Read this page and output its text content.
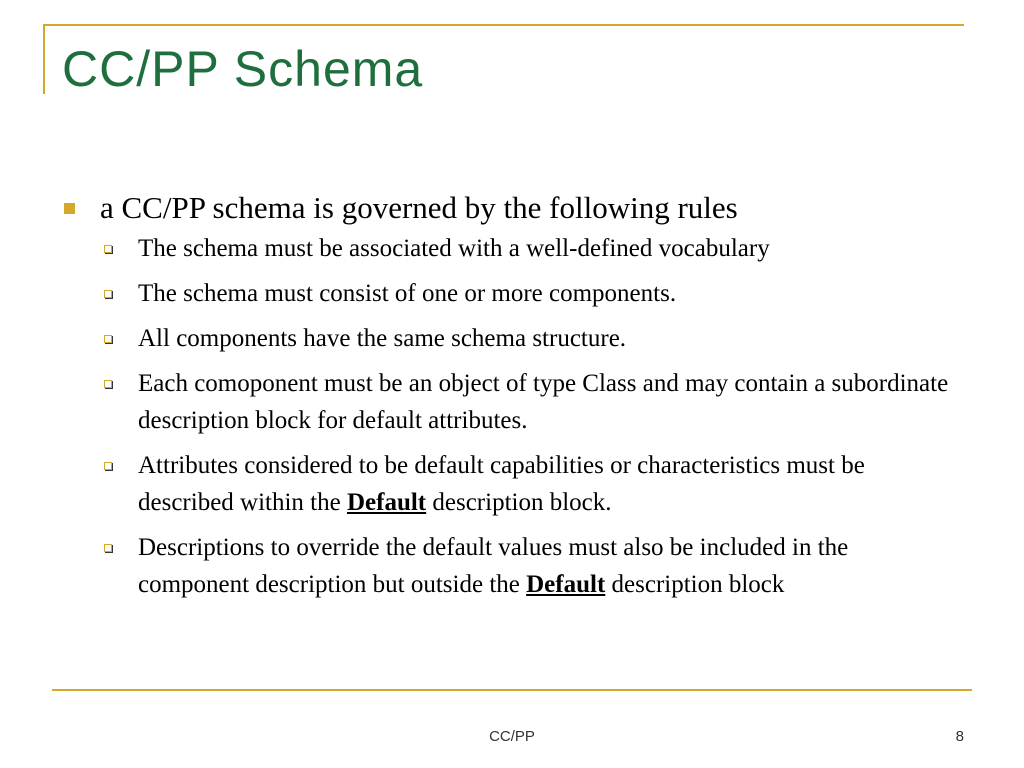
CC/PP Schema
a CC/PP schema is governed by the following rules
The schema must be associated with a well-defined vocabulary
The schema must consist of one or more components.
All components have the same schema structure.
Each comoponent must be an object of type Class and may contain a subordinate description block for default attributes.
Attributes considered to be default capabilities or characteristics must be described within the Default description block.
Descriptions to override the default values must also be included in the component description but outside the Default description block
CC/PP	8
